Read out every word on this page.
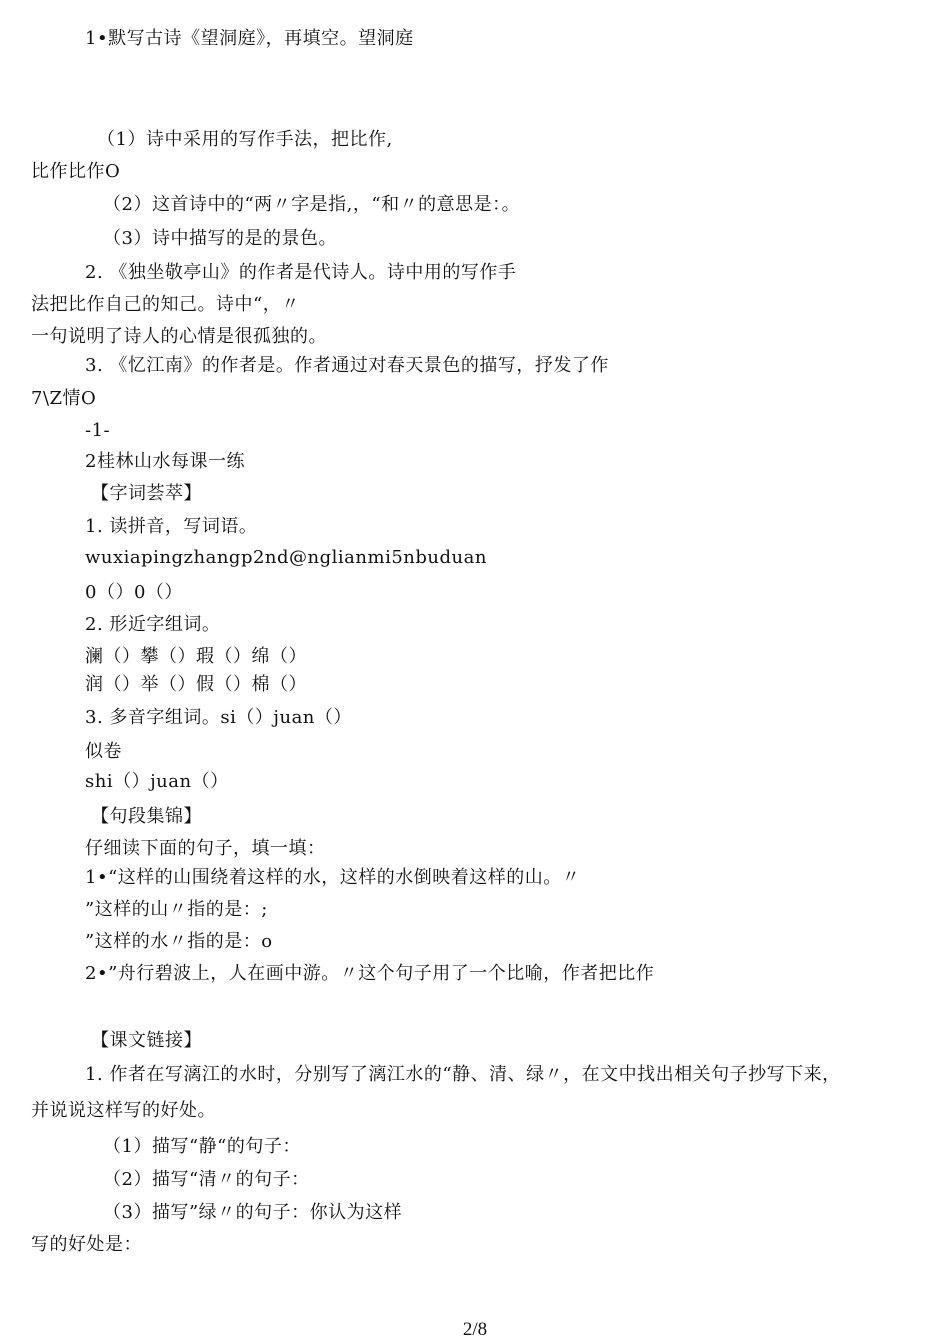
1•默写古诗《望洞庭》，再填空。望洞庭
（1）诗中采用的写作手法，把比作,
比作比作O
（2）这首诗中的“两〃字是指,，“和〃的意思是：。
（3）诗中描写的是的景色。
2. 《独坐敬亭山》的作者是代诗人。诗中用的写作手
法把比作自己的知己。诗中“，〃
一句说明了诗人的心情是很孤独的。
3. 《忆江南》的作者是。作者通过对春天景色的描写，抒发了作
7\Z情O
-1-
2桂林山水每课一练
【字词荟萃】
1. 读拼音，写词语。
wuxiapingzhangp2nd@nglianmi5nbuduan
0（）0（）
2. 形近字组词。
澜（）攀（）瑕（）绵（）
润（）举（）假（）棉（）
3. 多音字组词。si（）juan（）
似卷
shi（）juan（）
【句段集锦】
仔细读下面的句子，填一填：
1•“这样的山围绕着这样的水，这样的水倒映着这样的山。〃
”这样的山〃指的是：;
”这样的水〃指的是：o
2•”舟行碧波上，人在画中游。〃这个句子用了一个比喻，作者把比作
【课文链接】
1. 作者在写漓江的水时，分别写了漓江水的“静、清、绿〃，在文中找出相关句子抄写下来，
并说说这样写的好处。
（1）描写“静“的句子：
（2）描写“清〃的句子：
（3）描写”绿〃的句子：你认为这样
写的好处是：
2/8
